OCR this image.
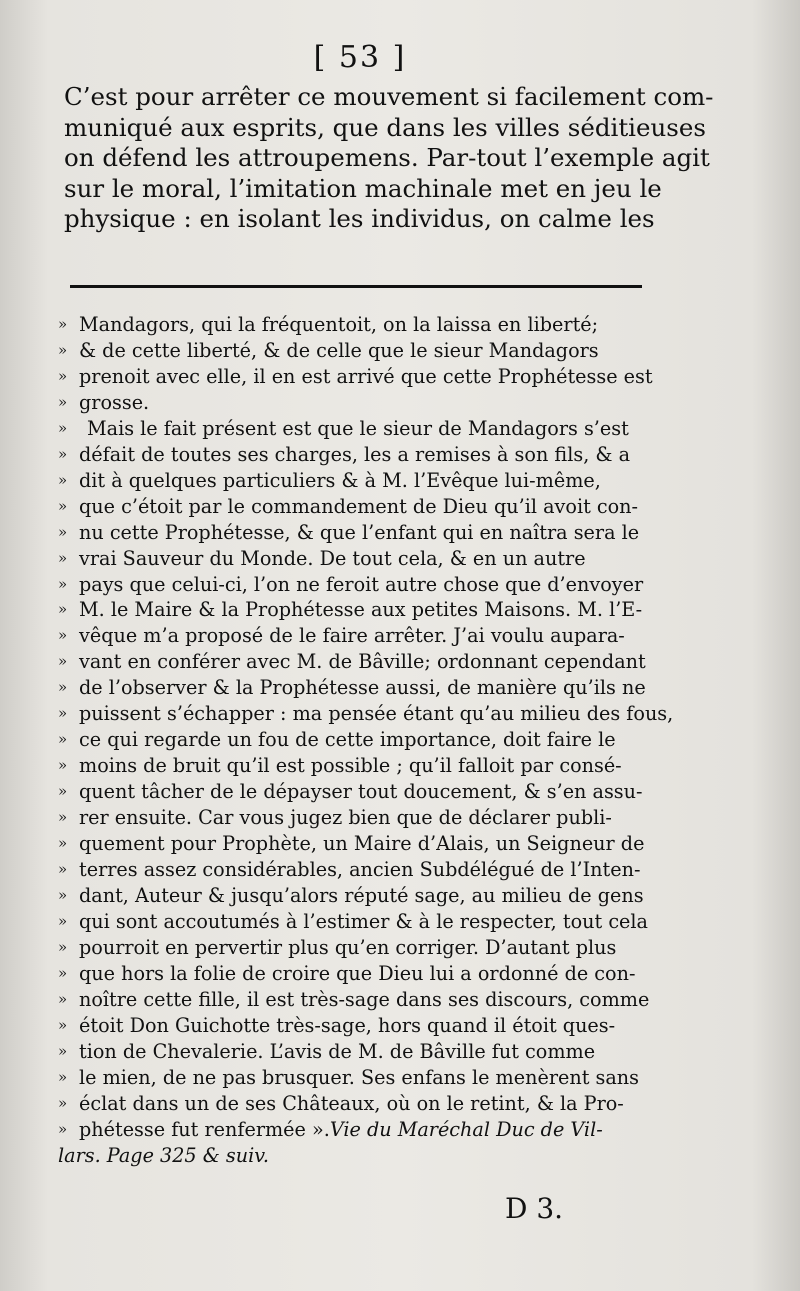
[ 53 ]
C’est pour arrêter ce mouvement si facilement com-
muniqué aux esprits, que dans les villes séditieuses
on défend les attroupemens. Par-tout l’exemple agit
sur le moral, l’imitation machinale met en jeu le
physique : en isolant les individus, on calme les
» Mandagors, qui la fréquentoit, on la laissa en liberté;
» & de cette liberté, & de celle que le sieur Mandagors
» prenoit avec elle, il en est arrivé que cette Prophétesse est
» grosse.
»	Mais le fait présent est que le sieur de Mandagors s’est
» défait de toutes ses charges, les a remises à son fils, & a
» dit à quelques particuliers & à M. l’Evêque lui-même,
» que c’étoit par le commandement de Dieu qu’il avoit con-
» nu cette Prophétesse, & que l’enfant qui en naîtra sera le
» vrai Sauveur du Monde. De tout cela, & en un autre
» pays que celui-ci, l’on ne feroit autre chose que d’envoyer
» M. le Maire & la Prophétesse aux petites Maisons. M. l’E-
» vêque m’a proposé de le faire arrêter. J’ai voulu aupara-
» vant en conférer avec M. de Bâville; ordonnant cependant
» de l’observer & la Prophétesse aussi, de manière qu’ils ne
» puissent s’échapper : ma pensée étant qu’au milieu des fous,
» ce qui regarde un fou de cette importance, doit faire le
» moins de bruit qu’il est possible ; qu’il falloit par consé-
» quent tâcher de le dépayser tout doucement, & s’en assu-
» rer ensuite. Car vous jugez bien que de déclarer publi-
» quement pour Prophète, un Maire d’Alais, un Seigneur de
» terres assez considérables, ancien Subdélégué de l’Inten-
» dant, Auteur & jusqu’alors réputé sage, au milieu de gens
» qui sont accoutumés à l’estimer & à le respecter, tout cela
» pourroit en pervertir plus qu’en corriger. D’autant plus
» que hors la folie de croire que Dieu lui a ordonné de con-
» noître cette fille, il est très-sage dans ses discours, comme
» étoit Don Guichotte très-sage, hors quand il étoit ques-
» tion de Chevalerie. L’avis de M. de Bâville fut comme
» le mien, de ne pas brusquer. Ses enfans le menèrent sans
» éclat dans un de ses Châteaux, où on le retint, & la Pro-
» phétesse fut renfermée ». Vie du Maréchal Duc de Vil-
lars. Page 325 & suiv.
D 3.
